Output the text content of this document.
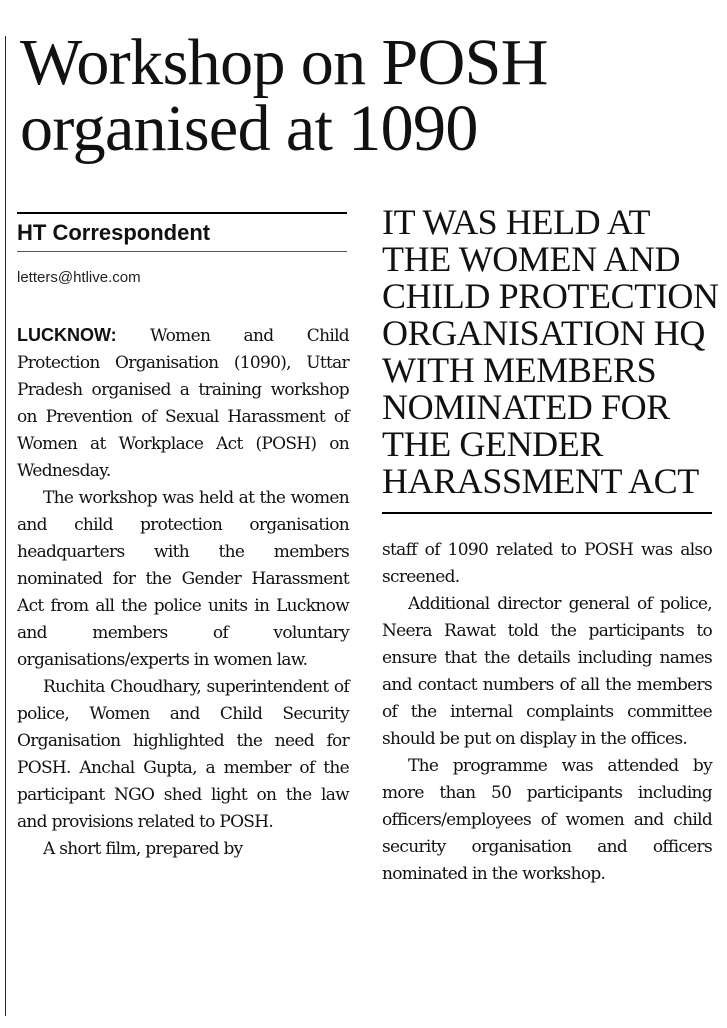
Workshop on POSH
organised at 1090

HT Correspondent

letters@htlive.com

LUCKNOW: Women and Child Protection Organisation (1090), Uttar Pradesh organised a training workshop on Prevention of Sexual Harassment of Women at Workplace Act (POSH) on Wednesday.

The workshop was held at the women and child protection organisation headquarters with the members nominated for the Gender Harassment Act from all the police units in Lucknow and members of voluntary organisations/experts in women law.

Ruchita Choudhary, superintendent of police, Women and Child Security Organisation highlighted the need for POSH. Anchal Gupta, a member of the participant NGO shed light on the law and provisions related to POSH.

A short film, prepared by

IT WAS HELD AT
THE WOMEN AND
CHILD PROTECTION
ORGANISATION HQ
WITH MEMBERS
NOMINATED FOR
THE GENDER
HARASSMENT ACT

staff of 1090 related to POSH was also screened.

Additional director general of police, Neera Rawat told the participants to ensure that the details including names and contact numbers of all the members of the internal complaints committee should be put on display in the offices.

The programme was attended by more than 50 participants including officers/employees of women and child security organisation and officers nominated in the workshop.
